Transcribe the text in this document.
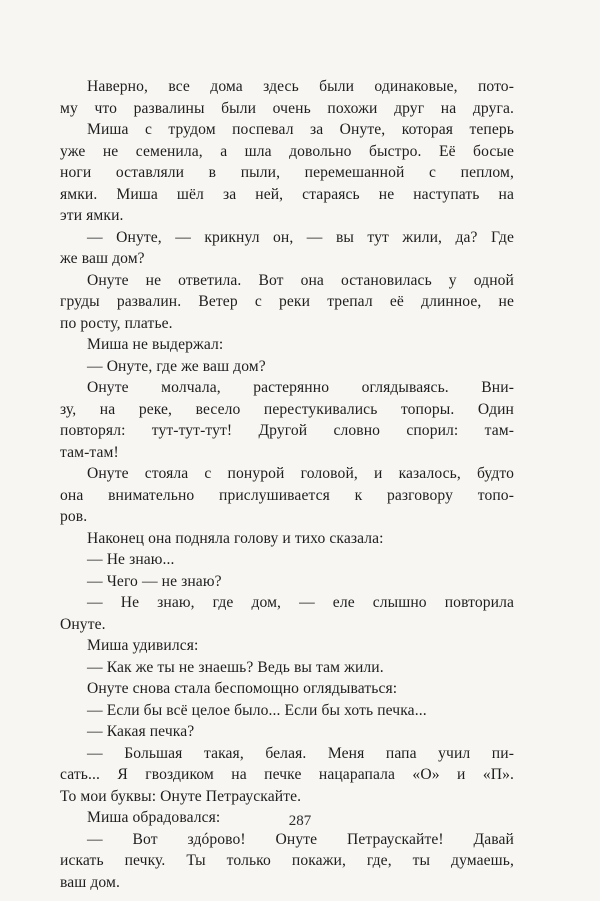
Наверно, все дома здесь были одинаковые, пото-
му что развалины были очень похожи друг на друга.
Миша с трудом поспевал за Онуте, которая теперь
уже не семенила, а шла довольно быстро. Её босые
ноги оставляли в пыли, перемешанной с пеплом,
ямки. Миша шёл за ней, стараясь не наступать на
эти ямки.
— Онуте, — крикнул он, — вы тут жили, да? Где
же ваш дом?
Онуте не ответила. Вот она остановилась у одной
груды развалин. Ветер с реки трепал её длинное, не
по росту, платье.
Миша не выдержал:
— Онуте, где же ваш дом?
Онуте молчала, растерянно оглядываясь. Вни-
зу, на реке, весело перестукивались топоры. Один
повторял: тут-тут-тут! Другой словно спорил: там-
там-там!
Онуте стояла с понурой головой, и казалось, будто
она внимательно прислушивается к разговору топо-
ров.
Наконец она подняла голову и тихо сказала:
— Не знаю...
— Чего — не знаю?
— Не знаю, где дом, — еле слышно повторила
Онуте.
Миша удивился:
— Как же ты не знаешь? Ведь вы там жили.
Онуте снова стала беспомощно оглядываться:
— Если бы всё целое было... Если бы хоть печка...
— Какая печка?
— Большая такая, белая. Меня папа учил пи-
сать... Я гвоздиком на печке нацарапала «О» и «П».
То мои буквы: Онуте Петраускайте.
Миша обрадовался:
— Вот здóрово! Онуте Петраускайте! Давай
искать печку. Ты только покажи, где, ты думаешь,
ваш дом.
287
